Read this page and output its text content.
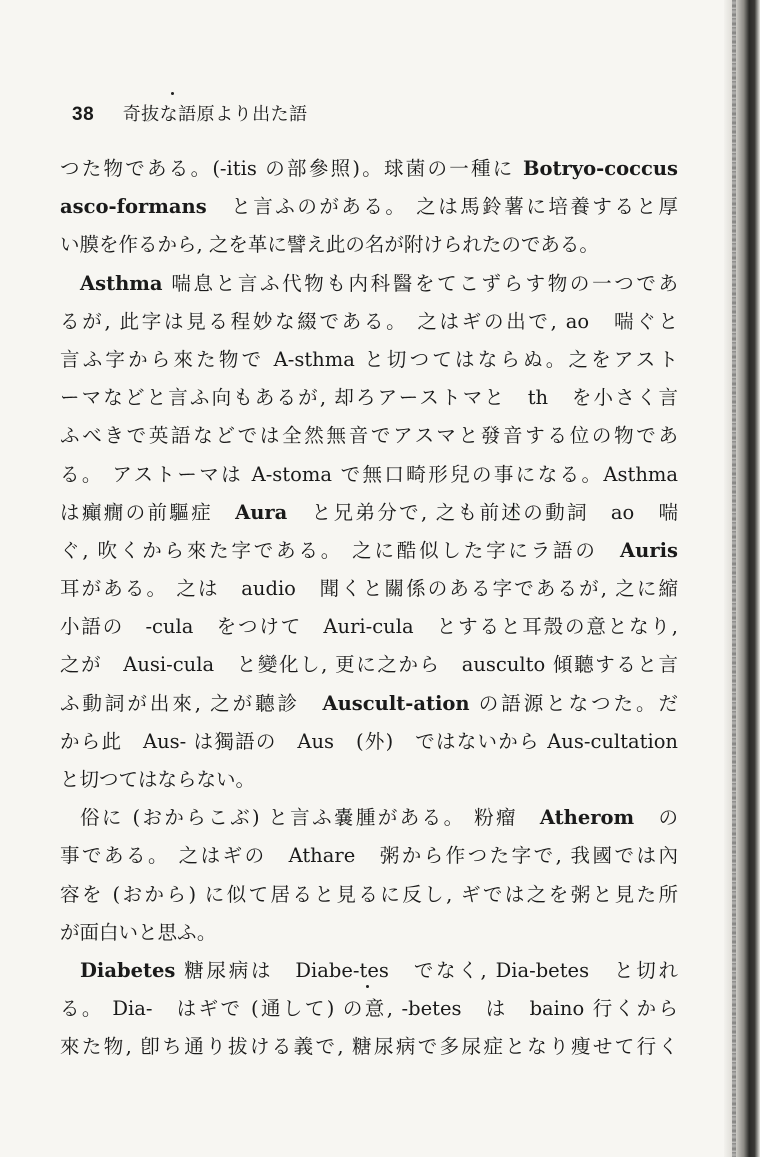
38 奇抜な語原より出た語
つた物である。(-itis の部參照)。球菌の一種に Botryo-coccus
asco-formans　と言ふのがある。 之は馬鈴薯に培養すると厚
い膜を作るから, 之を革に譬え此の名が附けられたのである。
Asthma 喘息と言ふ代物も内科醫をてこずらす物の一つであ
るが, 此字は見る程妙な綴である。 之はギの出で, ao　喘ぐと
言ふ字から來た物で A-sthma と切つてはならぬ。之をアスト
ーマなどと言ふ向もあるが, 却ろアーストマと　th　を小さく言
ふべきで英語などでは全然無音でアスマと發音する位の物であ
る。 アストーマは A-stoma で無口畸形兒の事になる。Asthma
は癲癇の前驅症　Aura　と兄弟分で, 之も前述の動詞　ao　喘
ぐ, 吹くから來た字である。 之に酷似した字にラ語の　Auris
耳がある。 之は　audio　聞くと關係のある字であるが, 之に縮
小語の　-cula　をつけて　Auri-cula　とすると耳殼の意となり,
之が　Ausi-cula　と變化し, 更に之から　ausculto 傾聽すると言
ふ動詞が出來, 之が聽診　Auscult-ation の語源となつた。だ
から此　Aus- は獨語の　Aus　(外)　ではないから Aus-cultation
と切つてはならない。
俗に (おからこぶ) と言ふ嚢腫がある。 粉瘤　Atherom　の
事である。 之はギの　Athare　粥から作つた字で, 我國では內
容を (おから) に似て居ると見るに反し, ギでは之を粥と見た所
が面白いと思ふ。
Diabetes 糖尿病は　Diabe-tes　でなく, Dia-betes　と切れ
る。 Dia-　はギで (通して) の意, -betes　は　baino 行くから
來た物, 卽ち通り拔ける義で, 糖尿病で多尿症となり痩せて行く
